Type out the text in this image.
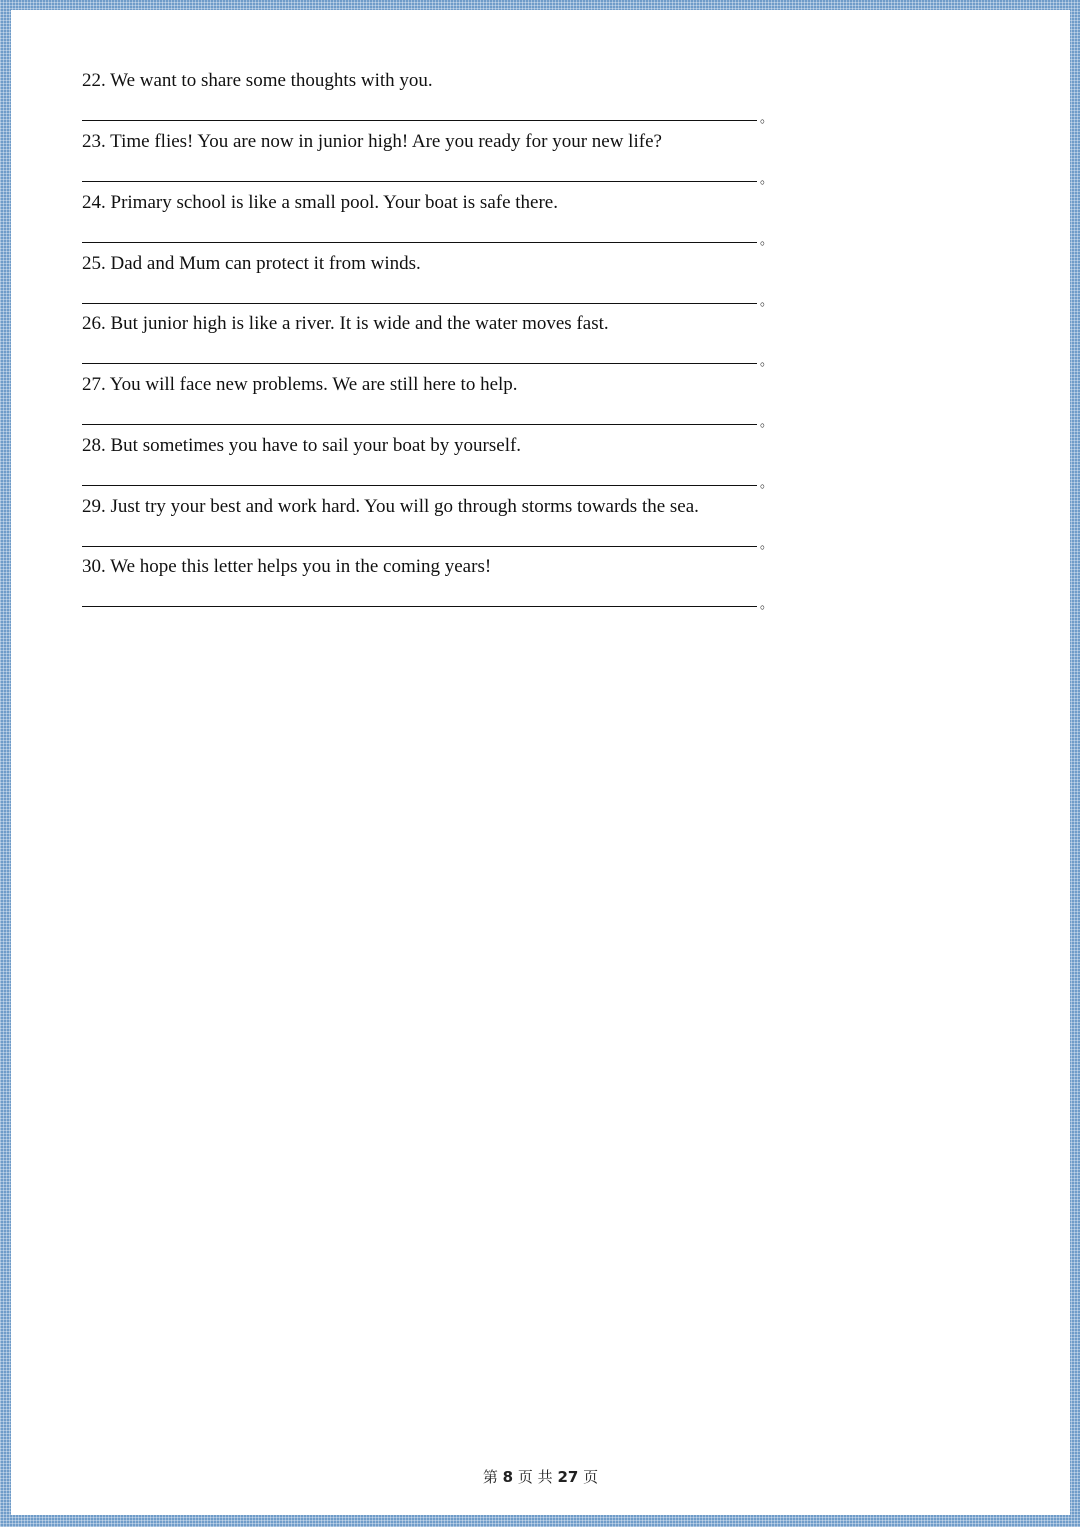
22. We want to share some thoughts with you.
。
23. Time flies! You are now in junior high! Are you ready for your new life?
。
24. Primary school is like a small pool. Your boat is safe there.
。
25. Dad and Mum can protect it from winds.
。
26. But junior high is like a river. It is wide and the water moves fast.
。
27. You will face new problems. We are still here to help.
。
28. But sometimes you have to sail your boat by yourself.
。
29. Just try your best and work hard. You will go through storms towards the sea.
。
30. We hope this letter helps you in the coming years!
。
第 8 页 共 27 页
